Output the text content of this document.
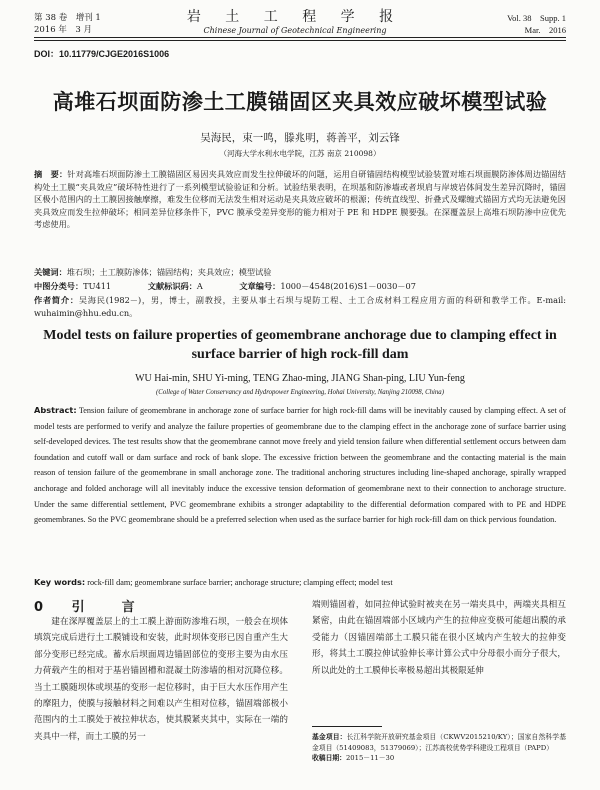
第 38 卷　增刊 1
2016 年　3 月
岩 土 工 程 学 报
Chinese Journal of Geotechnical Engineering
Vol. 38　Supp. 1
Mar.　2016
DOI：10.11779/CJGE2016S1006
高堆石坝面防渗土工膜锚固区夹具效应破坏模型试验
吴海民，束一鸣，滕兆明，蒋善平，刘云锋
（河海大学水利水电学院，江苏 南京 210098）
摘　要：针对高堆石坝面防渗土工膜锚固区易因夹具效应而发生拉伸破坏的问题，运用自研锚固结构模型试验装置对堆石坝面膜防渗体周边锚固结构处土工膜“夹具效应”破坏特性进行了一系列模型试验验证和分析。试验结果表明，在坝基和防渗墙或者坝肩与岸坡岩体间发生差异沉降时，锚固区极小范围内的土工膜因接触摩擦，难发生位移而无法发生相对运动是夹具效应破坏的根源；传统直线型、折叠式及螺缠式锚固方式均无法避免因夹具效应而发生拉伸破坏；相同差异位移条件下，PVC 膜承受差异变形的能力相对于 PE 和 HDPE 膜要强。在深覆盖层上高堆石坝防渗中应优先考虑使用。
关键词：堆石坝；土工膜防渗体；锚固结构；夹具效应；模型试验
中图分类号：TU411	文献标识码：A	文章编号：1000－4548(2016)S1－0030－07
作者简介：吴海民(1982－)，男，博士，副教授，主要从事土石坝与堤防工程、土工合成材料工程应用方面的科研和教学工作。E-mail: wuhaimin@hhu.edu.cn。
Model tests on failure properties of geomembrane anchorage due to clamping effect in surface barrier of high rock-fill dam
WU Hai-min, SHU Yi-ming, TENG Zhao-ming, JIANG Shan-ping, LIU Yun-feng
(College of Water Conservancy and Hydropower Engineering, Hohai University, Nanjing 210098, China)
Abstract: Tension failure of geomembrane in anchorage zone of surface barrier for high rock-fill dams will be inevitably caused by clamping effect. A set of model tests are performed to verify and analyze the failure properties of geomembrane due to the clamping effect in the anchorage zone of surface barrier using self-developed devices. The test results show that the geomembrane cannot move freely and yield tension failure when differential settlement occurs between dam foundation and cutoff wall or dam surface and rock of bank slope. The excessive friction between the geomembrane and the contacting material is the main reason of tension failure of the geomembrane in small anchorage zone. The traditional anchoring structures including line-shaped anchorage, spirally wrapped anchorage and folded anchorage will all inevitably induce the excessive tension deformation of geomembrane next to their connection to anchorage structure. Under the same differential settlement, PVC geomembrane exhibits a stronger adaptability to the differential deformation compared with to PE and HDPE geomembranes. So the PVC geomembrane should be a preferred selection when used as the surface barrier for high rock-fill dam on thick pervious foundation.
Key words: rock-fill dam; geomembrane surface barrier; anchorage structure; clamping effect; model test
0 引　言
建在深厚覆盖层上的土工膜上游面防渗堆石坝，一般会在坝体填筑完成后进行土工膜铺设和安装，此时坝体变形已因自重产生大部分变形已经完成。蓄水后坝面周边锚固部位的变形主要为由水压力荷载产生的相对于基岩锚固槽和混凝土防渗墙的相对沉降位移。当土工膜随坝体或坝基的变形一起位移时，由于巨大水压作用产生的摩阻力，使膜与接触材料之间难以产生相对位移，锚固端部极小范围内的土工膜处于被拉伸状态，使其膜紧夹其中，实际在一端的夹具中一样，而土工膜的另一
端则锚固着，如同拉伸试验时被夹在另一端夹具中，两端夹具相互紧密，由此在锚固端部小区域内产生的拉伸应变极可能超出膜的承受能力（因锚固端部土工膜只能在很小区域内产生较大的拉伸变形，将其土工膜拉伸试验伸长率计算公式中分母很小而分子很大，所以此处的土工膜伸长率极易超出其极限延伸
基金项目：长江科学院开放研究基金项目（CKWV2015210/KY）；国家自然科学基金项目（51409083，51379069）；江苏高校优势学科建设工程项目（PAPD）
收稿日期：2015－11－30
